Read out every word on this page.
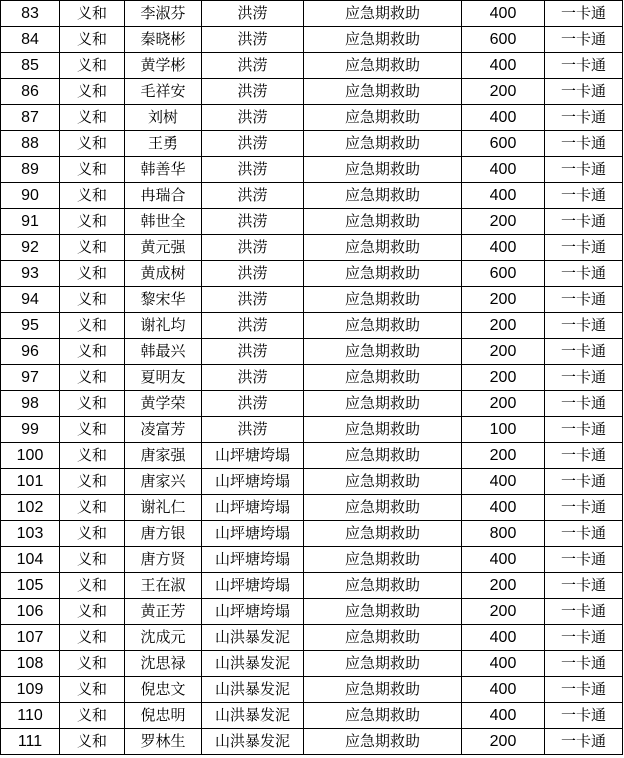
83	义和	李淑芬	洪涝	应急期救助	400	一卡通
84	义和	秦晓彬	洪涝	应急期救助	600	一卡通
85	义和	黄学彬	洪涝	应急期救助	400	一卡通
86	义和	毛祥安	洪涝	应急期救助	200	一卡通
87	义和	刘树	洪涝	应急期救助	400	一卡通
88	义和	王勇	洪涝	应急期救助	600	一卡通
89	义和	韩善华	洪涝	应急期救助	400	一卡通
90	义和	冉瑞合	洪涝	应急期救助	400	一卡通
91	义和	韩世全	洪涝	应急期救助	200	一卡通
92	义和	黄元强	洪涝	应急期救助	400	一卡通
93	义和	黄成树	洪涝	应急期救助	600	一卡通
94	义和	黎宋华	洪涝	应急期救助	200	一卡通
95	义和	谢礼均	洪涝	应急期救助	200	一卡通
96	义和	韩最兴	洪涝	应急期救助	200	一卡通
97	义和	夏明友	洪涝	应急期救助	200	一卡通
98	义和	黄学荣	洪涝	应急期救助	200	一卡通
99	义和	凌富芳	洪涝	应急期救助	100	一卡通
100	义和	唐家强	山坪塘垮塌	应急期救助	200	一卡通
101	义和	唐家兴	山坪塘垮塌	应急期救助	400	一卡通
102	义和	谢礼仁	山坪塘垮塌	应急期救助	400	一卡通
103	义和	唐方银	山坪塘垮塌	应急期救助	800	一卡通
104	义和	唐方贤	山坪塘垮塌	应急期救助	400	一卡通
105	义和	王在淑	山坪塘垮塌	应急期救助	200	一卡通
106	义和	黄正芳	山坪塘垮塌	应急期救助	200	一卡通
107	义和	沈成元	山洪暴发泥	应急期救助	400	一卡通
108	义和	沈思禄	山洪暴发泥	应急期救助	400	一卡通
109	义和	倪忠文	山洪暴发泥	应急期救助	400	一卡通
110	义和	倪忠明	山洪暴发泥	应急期救助	400	一卡通
111	义和	罗林生	山洪暴发泥	应急期救助	200	一卡通
